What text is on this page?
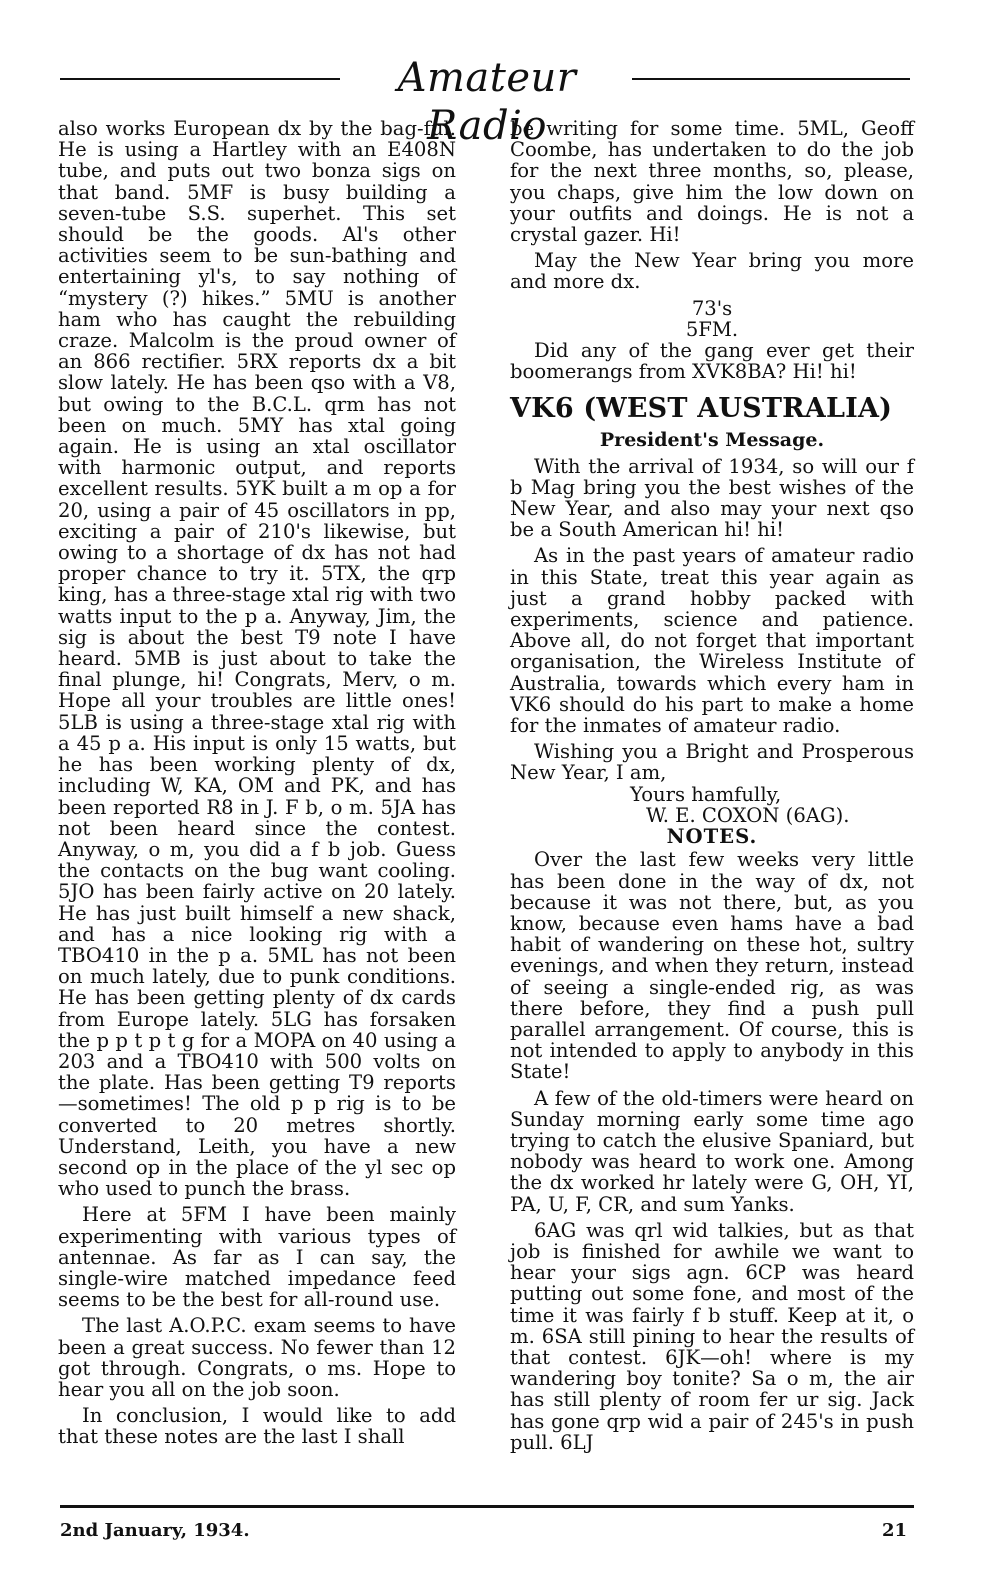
Amateur Radio

also works European dx by the bag-ful. He is using a Hartley with an E408N tube, and puts out two bonza sigs on that band. 5MF is busy building a seven-tube S.S. superhet. This set should be the goods. Al's other activities seem to be sun-bathing and entertaining yl's, to say nothing of “mystery (?) hikes.” 5MU is another ham who has caught the rebuilding craze. Malcolm is the proud owner of an 866 rectifier. 5RX reports dx a bit slow lately. He has been qso with a V8, but owing to the B.C.L. qrm has not been on much. 5MY has xtal going again. He is using an xtal oscillator with harmonic output, and reports excellent results. 5YK built a m op a for 20, using a pair of 45 oscillators in pp, exciting a pair of 210's likewise, but owing to a shortage of dx has not had proper chance to try it. 5TX, the qrp king, has a three-stage xtal rig with two watts input to the p a. Anyway, Jim, the sig is about the best T9 note I have heard. 5MB is just about to take the final plunge, hi! Congrats, Merv, o m. Hope all your troubles are little ones! 5LB is using a three-stage xtal rig with a 45 p a. His input is only 15 watts, but he has been working plenty of dx, including W, KA, OM and PK, and has been reported R8 in J. F b, o m. 5JA has not been heard since the contest. Anyway, o m, you did a f b job. Guess the contacts on the bug want cooling. 5JO has been fairly active on 20 lately. He has just built himself a new shack, and has a nice looking rig with a TBO410 in the p a. 5ML has not been on much lately, due to punk conditions. He has been getting plenty of dx cards from Europe lately. 5LG has forsaken the p p t p t g for a MOPA on 40 using a 203 and a TBO410 with 500 volts on the plate. Has been getting T9 reports —sometimes! The old p p rig is to be converted to 20 metres shortly. Understand, Leith, you have a new second op in the place of the yl sec op who used to punch the brass.

Here at 5FM I have been mainly experimenting with various types of antennae. As far as I can say, the single-wire matched impedance feed seems to be the best for all-round use.

The last A.O.P.C. exam seems to have been a great success. No fewer than 12 got through. Congrats, o ms. Hope to hear you all on the job soon.

In conclusion, I would like to add that these notes are the last I shall

be writing for some time. 5ML, Geoff Coombe, has undertaken to do the job for the next three months, so, please, you chaps, give him the low down on your outfits and doings. He is not a crystal gazer. Hi!

May the New Year bring you more and more dx.

73's
5FM.

Did any of the gang ever get their boomerangs from XVK8BA? Hi! hi!

VK6 (WEST AUSTRALIA)
President's Message.

With the arrival of 1934, so will our f b Mag bring you the best wishes of the New Year, and also may your next qso be a South American hi! hi!

As in the past years of amateur radio in this State, treat this year again as just a grand hobby packed with experiments, science and patience. Above all, do not forget that important organisation, the Wireless Institute of Australia, towards which every ham in VK6 should do his part to make a home for the inmates of amateur radio.

Wishing you a Bright and Prosperous New Year, I am,

Yours hamfully,
W. E. COXON (6AG).
NOTES.

Over the last few weeks very little has been done in the way of dx, not because it was not there, but, as you know, because even hams have a bad habit of wandering on these hot, sultry evenings, and when they return, instead of seeing a single-ended rig, as was there before, they find a push pull parallel arrangement. Of course, this is not intended to apply to anybody in this State!

A few of the old-timers were heard on Sunday morning early some time ago trying to catch the elusive Spaniard, but nobody was heard to work one. Among the dx worked hr lately were G, OH, YI, PA, U, F, CR, and sum Yanks.

6AG was qrl wid talkies, but as that job is finished for awhile we want to hear your sigs agn. 6CP was heard putting out some fone, and most of the time it was fairly f b stuff. Keep at it, o m. 6SA still pining to hear the results of that contest. 6JK—oh! where is my wandering boy tonite? Sa o m, the air has still plenty of room fer ur sig. Jack has gone qrp wid a pair of 245's in push pull. 6LJ

2nd January, 1934.	21
